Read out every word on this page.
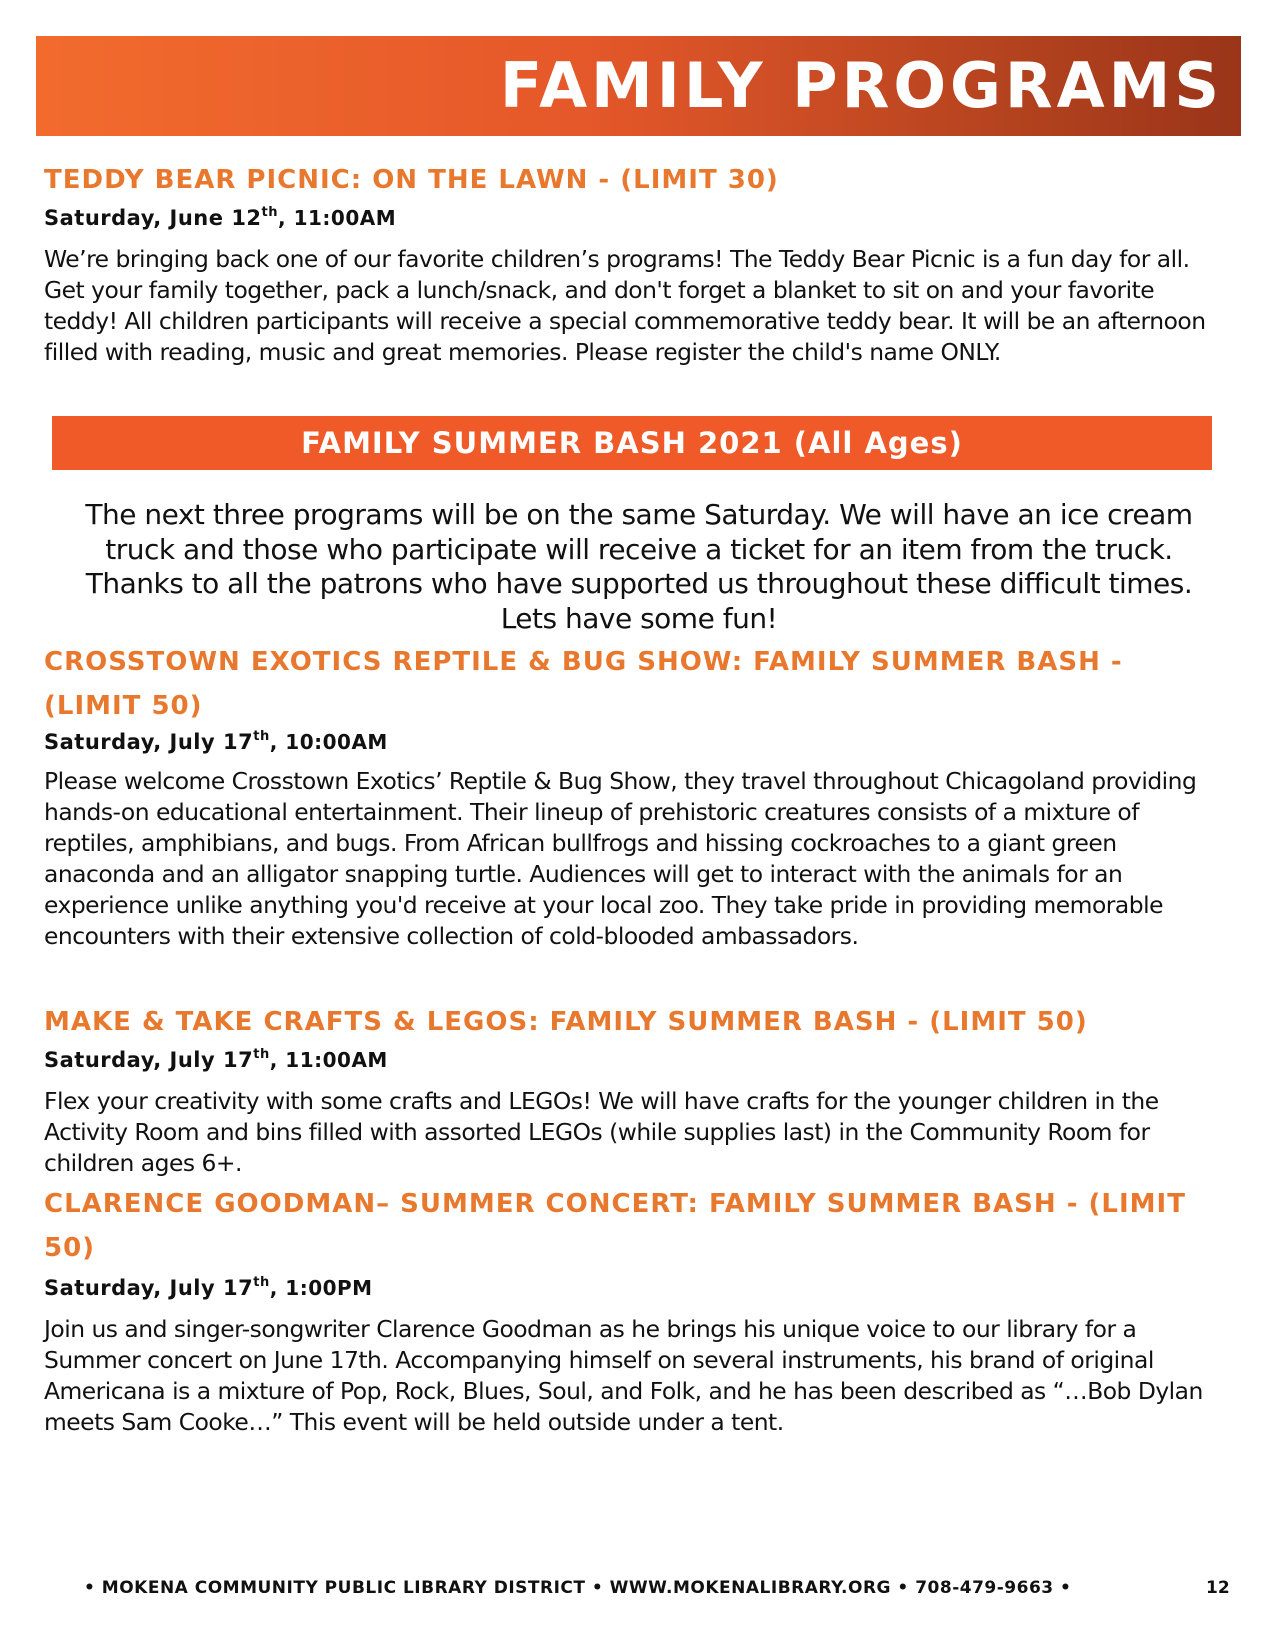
FAMILY PROGRAMS
TEDDY BEAR PICNIC: ON THE LAWN - (LIMIT 30)

Saturday, June 12th, 11:00AM

We’re bringing back one of our favorite children’s programs! The Teddy Bear Picnic is a fun day for all. Get your family together, pack a lunch/snack, and don't forget a blanket to sit on and your favorite teddy! All children participants will receive a special commemorative teddy bear. It will be an afternoon filled with reading, music and great memories. Please register the child's name ONLY.

FAMILY SUMMER BASH 2021 (All Ages)

The next three programs will be on the same Saturday. We will have an ice cream truck and those who participate will receive a ticket for an item from the truck. Thanks to all the patrons who have supported us throughout these difficult times. Lets have some fun!

CROSSTOWN EXOTICS REPTILE & BUG SHOW: FAMILY SUMMER BASH - (LIMIT 50)

Saturday, July 17th, 10:00AM

Please welcome Crosstown Exotics’ Reptile & Bug Show, they travel throughout Chicagoland providing hands-on educational entertainment. Their lineup of prehistoric creatures consists of a mixture of reptiles, amphibians, and bugs. From African bullfrogs and hissing cockroaches to a giant green anaconda and an alligator snapping turtle. Audiences will get to interact with the animals for an experience unlike anything you'd receive at your local zoo. They take pride in providing memorable encounters with their extensive collection of cold-blooded ambassadors.

MAKE & TAKE CRAFTS & LEGOS: FAMILY SUMMER BASH - (LIMIT 50)

Saturday, July 17th, 11:00AM

Flex your creativity with some crafts and LEGOs! We will have crafts for the younger children in the Activity Room and bins filled with assorted LEGOs (while supplies last) in the Community Room for children ages 6+.

CLARENCE GOODMAN– SUMMER CONCERT: FAMILY SUMMER BASH - (LIMIT 50)

Saturday, July 17th, 1:00PM

Join us and singer-songwriter Clarence Goodman as he brings his unique voice to our library for a Summer concert on June 17th. Accompanying himself on several instruments, his brand of original Americana is a mixture of Pop, Rock, Blues, Soul, and Folk, and he has been described as “…Bob Dylan meets Sam Cooke…” This event will be held outside under a tent.

• MOKENA COMMUNITY PUBLIC LIBRARY DISTRICT • WWW.MOKENALIBRARY.ORG • 708-479-9663 •	12
